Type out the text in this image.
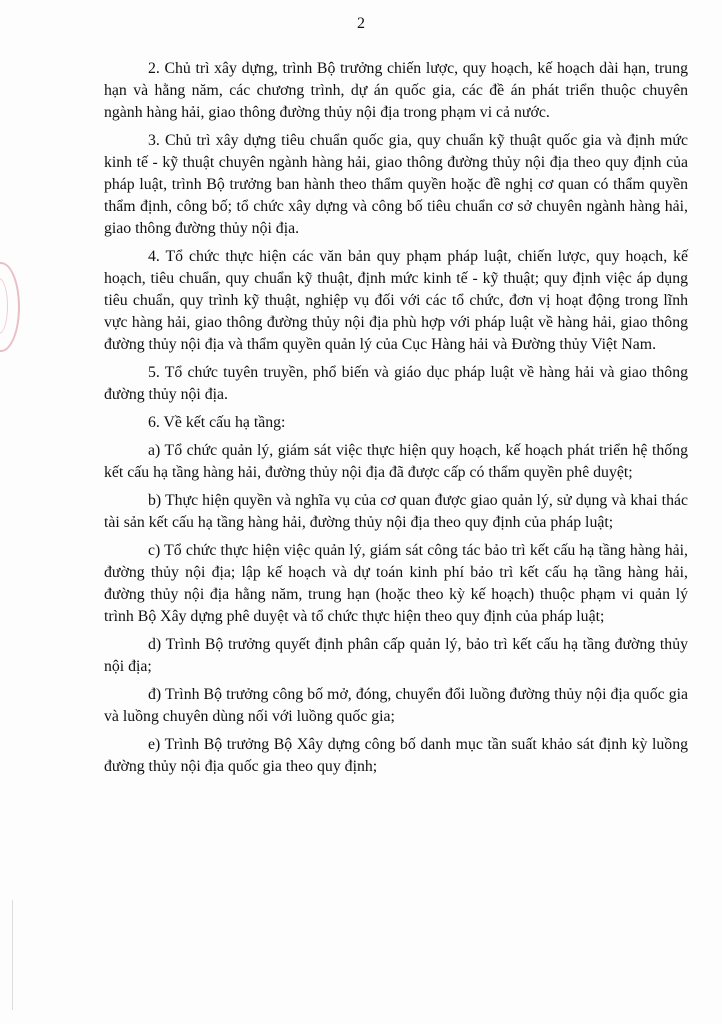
2

2. Chủ trì xây dựng, trình Bộ trưởng chiến lược, quy hoạch, kế hoạch dài hạn, trung hạn và hằng năm, các chương trình, dự án quốc gia, các đề án phát triển thuộc chuyên ngành hàng hải, giao thông đường thủy nội địa trong phạm vi cả nước.

3. Chủ trì xây dựng tiêu chuẩn quốc gia, quy chuẩn kỹ thuật quốc gia và định mức kinh tế - kỹ thuật chuyên ngành hàng hải, giao thông đường thủy nội địa theo quy định của pháp luật, trình Bộ trưởng ban hành theo thẩm quyền hoặc đề nghị cơ quan có thẩm quyền thẩm định, công bố; tổ chức xây dựng và công bố tiêu chuẩn cơ sở chuyên ngành hàng hải, giao thông đường thủy nội địa.

4. Tổ chức thực hiện các văn bản quy phạm pháp luật, chiến lược, quy hoạch, kế hoạch, tiêu chuẩn, quy chuẩn kỹ thuật, định mức kinh tế - kỹ thuật; quy định việc áp dụng tiêu chuẩn, quy trình kỹ thuật, nghiệp vụ đối với các tổ chức, đơn vị hoạt động trong lĩnh vực hàng hải, giao thông đường thủy nội địa phù hợp với pháp luật về hàng hải, giao thông đường thủy nội địa và thẩm quyền quản lý của Cục Hàng hải và Đường thủy Việt Nam.

5. Tổ chức tuyên truyền, phổ biến và giáo dục pháp luật về hàng hải và giao thông đường thủy nội địa.

6. Về kết cấu hạ tầng:

a) Tổ chức quản lý, giám sát việc thực hiện quy hoạch, kế hoạch phát triển hệ thống kết cấu hạ tầng hàng hải, đường thủy nội địa đã được cấp có thẩm quyền phê duyệt;

b) Thực hiện quyền và nghĩa vụ của cơ quan được giao quản lý, sử dụng và khai thác tài sản kết cấu hạ tầng hàng hải, đường thủy nội địa theo quy định của pháp luật;

c) Tổ chức thực hiện việc quản lý, giám sát công tác bảo trì kết cấu hạ tầng hàng hải, đường thủy nội địa; lập kế hoạch và dự toán kinh phí bảo trì kết cấu hạ tầng hàng hải, đường thủy nội địa hằng năm, trung hạn (hoặc theo kỳ kế hoạch) thuộc phạm vi quản lý trình Bộ Xây dựng phê duyệt và tổ chức thực hiện theo quy định của pháp luật;

d) Trình Bộ trưởng quyết định phân cấp quản lý, bảo trì kết cấu hạ tầng đường thủy nội địa;

đ) Trình Bộ trưởng công bố mở, đóng, chuyển đổi luồng đường thủy nội địa quốc gia và luồng chuyên dùng nối với luồng quốc gia;

e) Trình Bộ trưởng Bộ Xây dựng công bố danh mục tần suất khảo sát định kỳ luồng đường thủy nội địa quốc gia theo quy định;
